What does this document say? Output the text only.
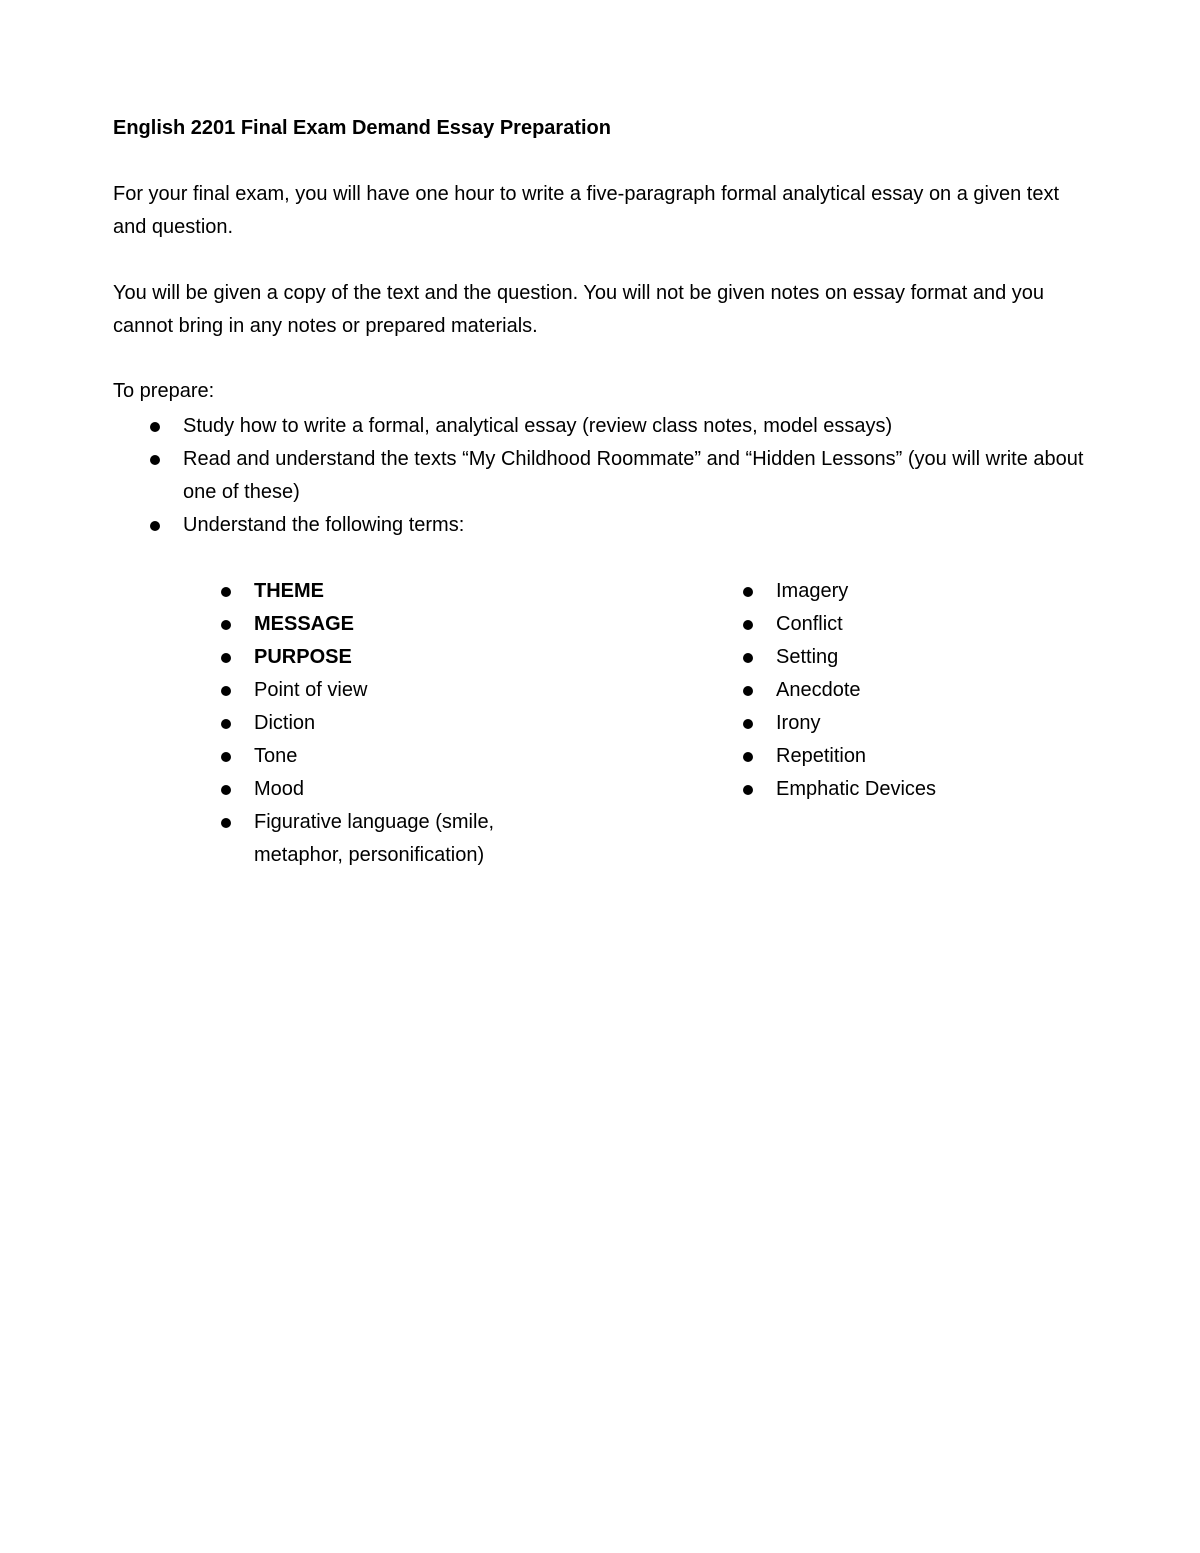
English 2201 Final Exam Demand Essay Preparation
For your final exam, you will have one hour to write a five-paragraph formal analytical essay on a given text and question.
You will be given a copy of the text and the question. You will not be given notes on essay format and you cannot bring in any notes or prepared materials.
To prepare:
Study how to write a formal, analytical essay (review class notes, model essays)
Read and understand the texts “My Childhood Roommate” and “Hidden Lessons” (you will write about one of these)
Understand the following terms:
THEME
MESSAGE
PURPOSE
Point of view
Diction
Tone
Mood
Figurative language (smile, metaphor, personification)
Imagery
Conflict
Setting
Anecdote
Irony
Repetition
Emphatic Devices
